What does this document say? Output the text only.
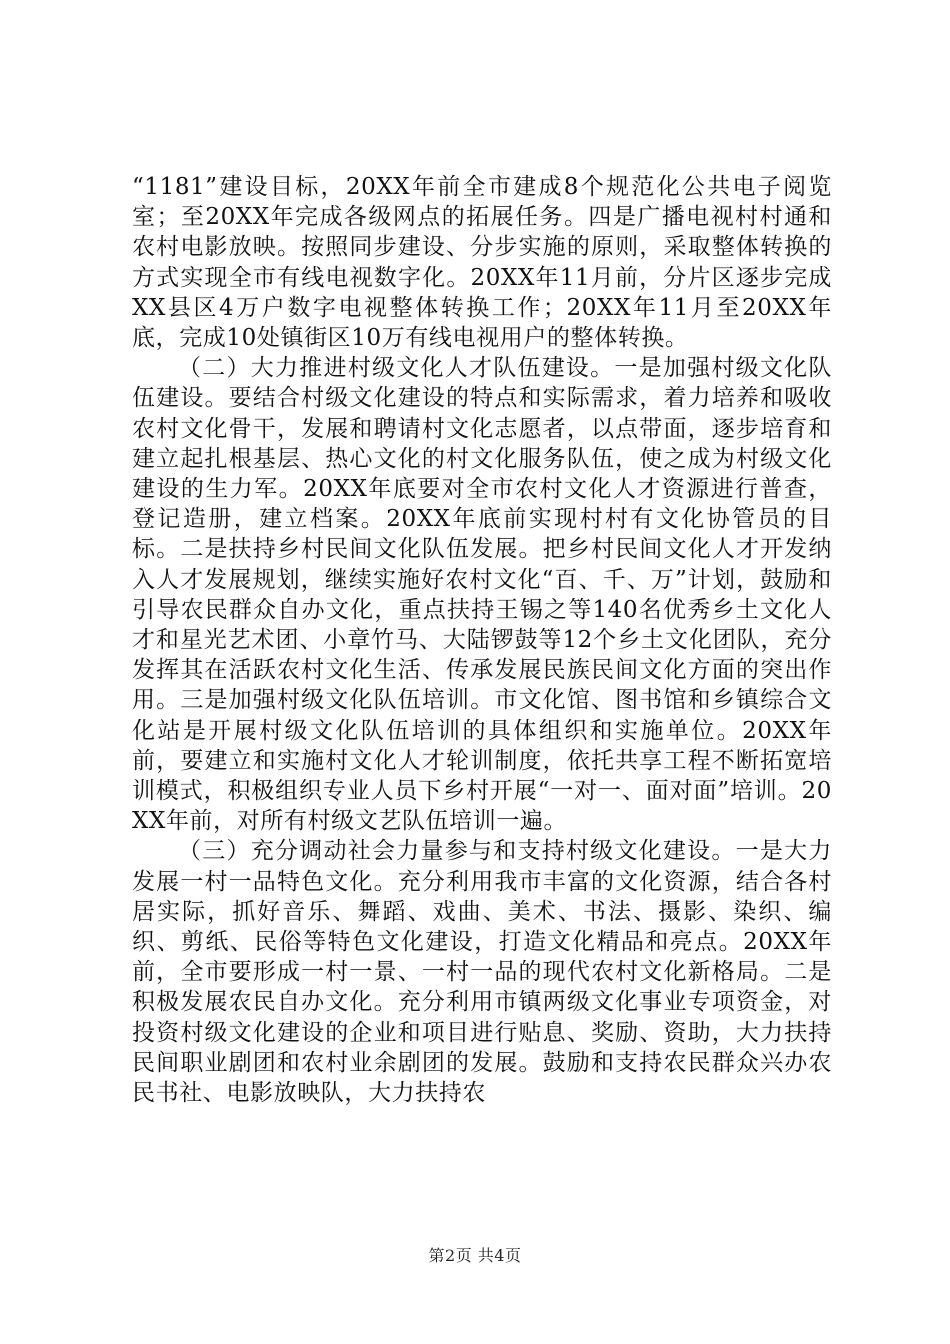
“1181”建设目标，20XX年前全市建成8个规范化公共电子阅览室；至20XX年完成各级网点的拓展任务。四是广播电视村村通和农村电影放映。按照同步建设、分步实施的原则，采取整体转换的方式实现全市有线电视数字化。20XX年11月前，分片区逐步完成XX县区4万户数字电视整体转换工作；20XX年11月至20XX年底，完成10处镇街区10万有线电视用户的整体转换。

（二）大力推进村级文化人才队伍建设。一是加强村级文化队伍建设。要结合村级文化建设的特点和实际需求，着力培养和吸收农村文化骨干，发展和聘请村文化志愿者，以点带面，逐步培育和建立起扎根基层、热心文化的村文化服务队伍，使之成为村级文化建设的生力军。20XX年底要对全市农村文化人才资源进行普查，登记造册，建立档案。20XX年底前实现村村有文化协管员的目标。二是扶持乡村民间文化队伍发展。把乡村民间文化人才开发纳入人才发展规划，继续实施好农村文化“百、千、万”计划，鼓励和引导农民群众自办文化，重点扶持王锡之等140名优秀乡土文化人才和星光艺术团、小章竹马、大陆锣鼓等12个乡土文化团队，充分发挥其在活跃农村文化生活、传承发展民族民间文化方面的突出作用。三是加强村级文化队伍培训。市文化馆、图书馆和乡镇综合文化站是开展村级文化队伍培训的具体组织和实施单位。20XX年前，要建立和实施村文化人才轮训制度，依托共享工程不断拓宽培训模式，积极组织专业人员下乡村开展“一对一、面对面”培训。20XX年前，对所有村级文艺队伍培训一遍。

（三）充分调动社会力量参与和支持村级文化建设。一是大力发展一村一品特色文化。充分利用我市丰富的文化资源，结合各村居实际，抓好音乐、舞蹈、戏曲、美术、书法、摄影、染织、编织、剪纸、民俗等特色文化建设，打造文化精品和亮点。20XX年前，全市要形成一村一景、一村一品的现代农村文化新格局。二是积极发展农民自办文化。充分利用市镇两级文化事业专项资金，对投资村级文化建设的企业和项目进行贴息、奖励、资助，大力扶持民间职业剧团和农村业余剧团的发展。鼓励和支持农民群众兴办农民书社、电影放映队，大力扶持农

第2页 共4页
